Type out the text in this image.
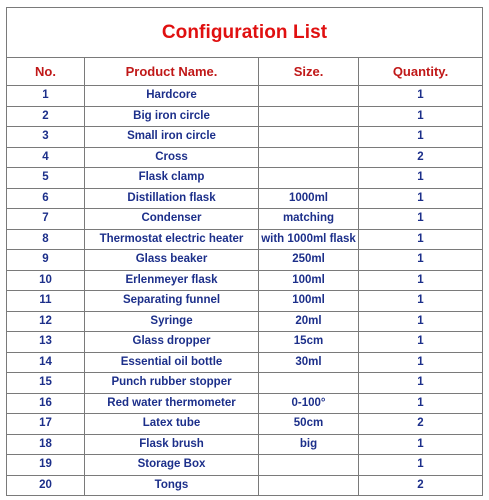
Configuration List			
No.	Product Name.	Size.	Quantity.
1	Hardcore		1
2	Big iron circle		1
3	Small iron circle		1
4	Cross		2
5	Flask clamp		1
6	Distillation flask	1000ml	1
7	Condenser	matching	1
8	Thermostat electric heater	with 1000ml flask	1
9	Glass beaker	250ml	1
10	Erlenmeyer flask	100ml	1
11	Separating funnel	100ml	1
12	Syringe	20ml	1
13	Glass dropper	15cm	1
14	Essential oil bottle	30ml	1
15	Punch rubber stopper		1
16	Red water thermometer	0-100°	1
17	Latex tube	50cm	2
18	Flask brush	big	1
19	Storage Box		1
20	Tongs		2
